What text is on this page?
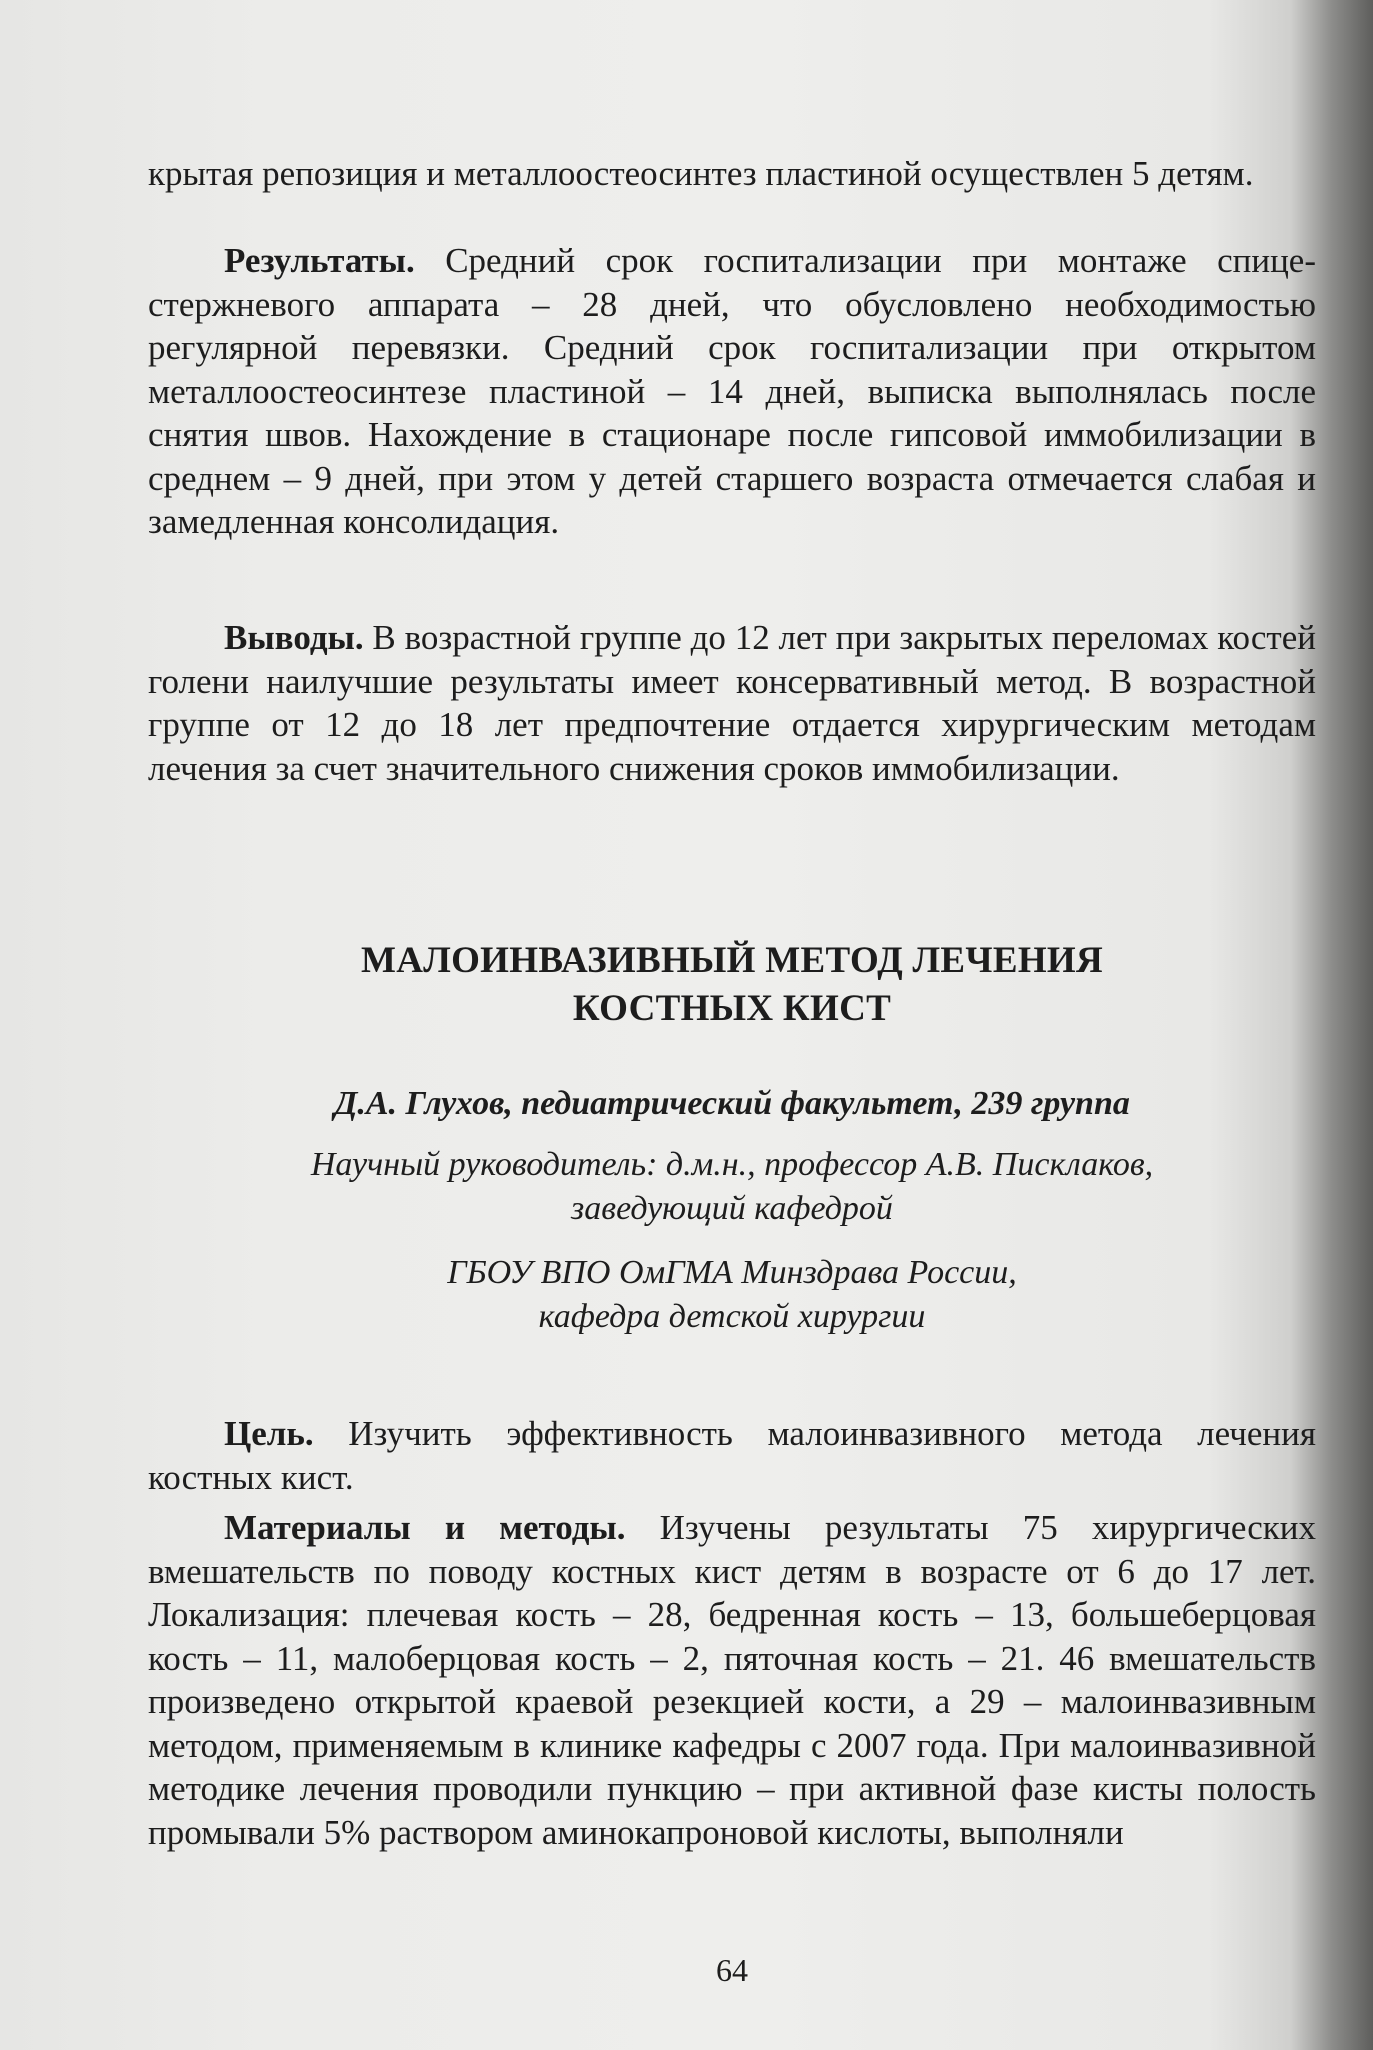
крытая репозиция и металлоостеосинтез пластиной осуществлен 5 детям.

Результаты. Средний срок госпитализации при монтаже спице-стержневого аппарата – 28 дней, что обусловлено необходимостью регулярной перевязки. Средний срок госпитализации при открытом металлоостеосинтезе пластиной – 14 дней, выписка выполнялась после снятия швов. Нахождение в стационаре после гипсовой иммобилизации в среднем – 9 дней, при этом у детей старшего возраста отмечается слабая и замедленная консолидация.

Выводы. В возрастной группе до 12 лет при закрытых переломах костей голени наилучшие результаты имеет консервативный метод. В возрастной группе от 12 до 18 лет предпочтение отдается хирургическим методам лечения за счет значительного снижения сроков иммобилизации.

МАЛОИНВАЗИВНЫЙ МЕТОД ЛЕЧЕНИЯ
КОСТНЫХ КИСТ

Д.А. Глухов, педиатрический факультет, 239 группа

Научный руководитель: д.м.н., профессор А.В. Писклаков,
заведующий кафедрой
ГБОУ ВПО ОмГМА Минздрава России,
кафедра детской хирургии

Цель. Изучить эффективность малоинвазивного метода лечения костных кист.

Материалы и методы. Изучены результаты 75 хирургических вмешательств по поводу костных кист детям в возрасте от 6 до 17 лет. Локализация: плечевая кость – 28, бедренная кость – 13, большеберцовая кость – 11, малоберцовая кость – 2, пяточная кость – 21. 46 вмешательств произведено открытой краевой резекцией кости, а 29 – малоинвазивным методом, применяемым в клинике кафедры с 2007 года. При малоинвазивной методике лечения проводили пункцию – при активной фазе кисты полость промывали 5% раствором аминокапроновой кислоты, выполняли

64
